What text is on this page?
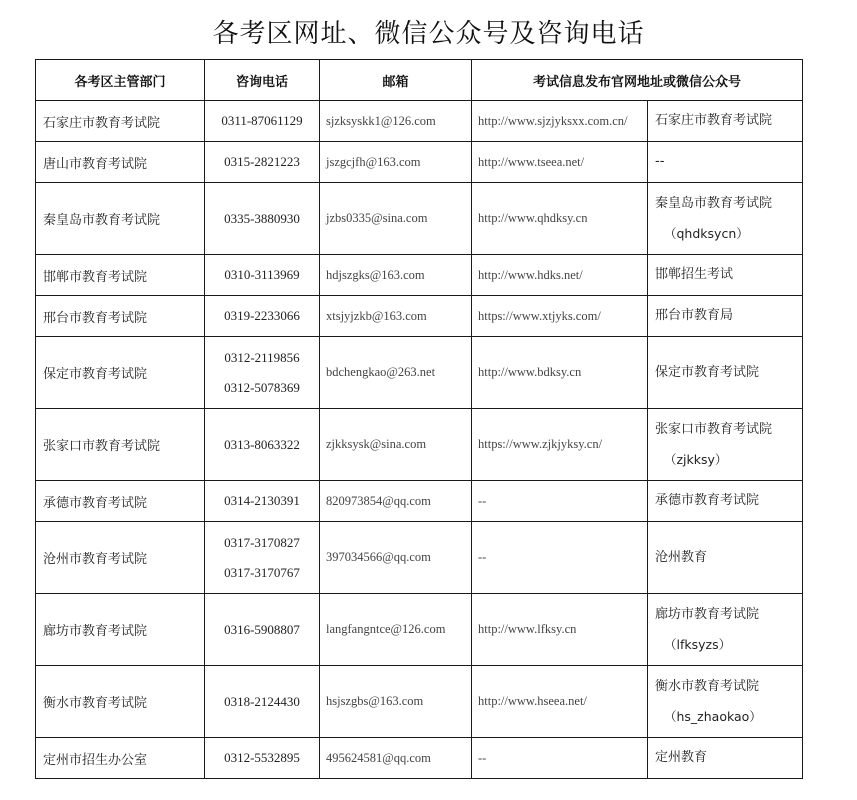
各考区网址、微信公众号及咨询电话
各考区主管部门	咨询电话	邮箱	考试信息发布官网地址或微信公众号	
石家庄市教育考试院	0311-87061129	sjzksyskk1@126.com	http://www.sjzjyksxx.com.cn/	石家庄市教育考试院

唐山市教育考试院	0315-2821223	jszgcjfh@163.com	http://www.tseea.net/	--

秦皇岛市教育考试院	0335-3880930	jzbs0335@sina.com	http://www.qhdksy.cn	秦皇岛市教育考试院
（qhdksycn）

邯郸市教育考试院	0310-3113969	hdjszgks@163.com	http://www.hdks.net/	邯郸招生考试

邢台市教育考试院	0319-2233066	xtsjyjzkb@163.com	https://www.xtjyks.com/	邢台市教育局

保定市教育考试院	0312-2119856
0312-5078369	bdchengkao@263.net	http://www.bdksy.cn	保定市教育考试院

张家口市教育考试院	0313-8063322	zjkksysk@sina.com	https://www.zjkjyksy.cn/	张家口市教育考试院
（zjkksy）

承德市教育考试院	0314-2130391	820973854@qq.com	--	承德市教育考试院

沧州市教育考试院	0317-3170827
0317-3170767	397034566@qq.com	--	沧州教育

廊坊市教育考试院	0316-5908807	langfangntce@126.com	http://www.lfksy.cn	廊坊市教育考试院
（lfksyzs）

衡水市教育考试院	0318-2124430	hsjszgbs@163.com	http://www.hseea.net/	衡水市教育考试院
（hs_zhaokao）

定州市招生办公室	0312-5532895	495624581@qq.com	--	定州教育
